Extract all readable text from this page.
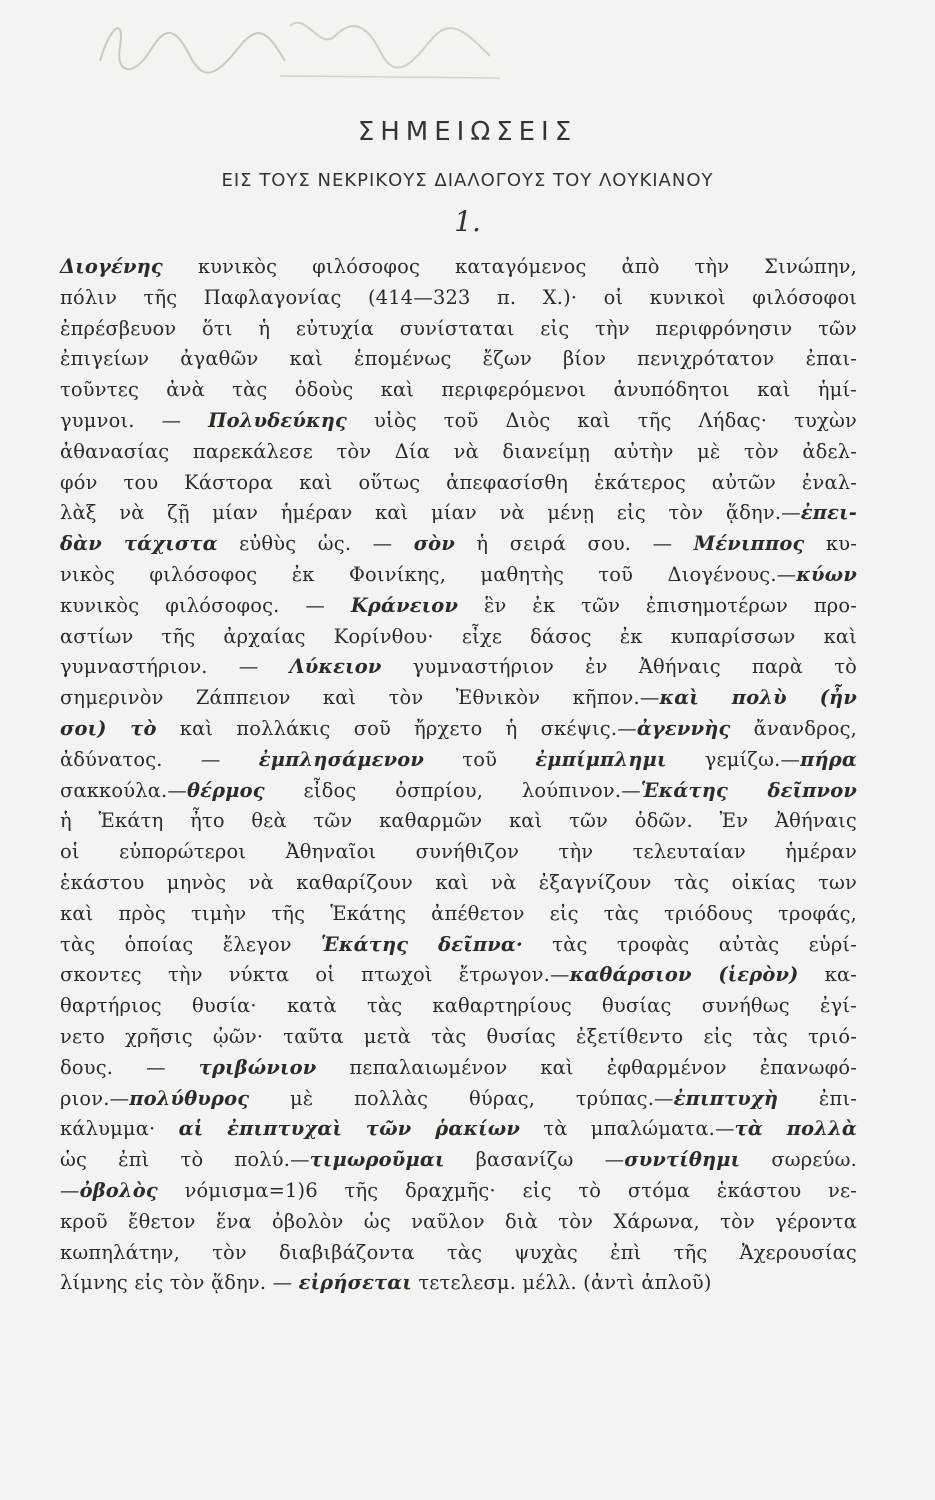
ΣΗΜΕΙΩΣΕΙΣ
ΕΙΣ ΤΟΥΣ ΝΕΚΡΙΚΟΥΣ ΔΙΑΛΟΓΟΥΣ ΤΟΥ ΛΟΥΚΙΑΝΟΥ
1.
Διογένης κυνικὸς φιλόσοφος καταγόμενος ἀπὸ τὴν Σινώπην,
πόλιν τῆς Παφλαγονίας (414—323 π. Χ.)· οἱ κυνικοὶ φιλόσοφοι
ἐπρέσβευον ὅτι ἡ εὐτυχία συνίσταται εἰς τὴν περιφρόνησιν τῶν
ἐπιγείων ἀγαθῶν καὶ ἑπομένως ἔζων βίον πενιχρότατον ἐπαι-
τοῦντες ἀνὰ τὰς ὁδοὺς καὶ περιφερόμενοι ἀνυπόδητοι καὶ ἡμί-
γυμνοι. — Πολυδεύκης υἱὸς τοῦ Διὸς καὶ τῆς Λήδας· τυχὼν
ἀθανασίας παρεκάλεσε τὸν Δία νὰ διανείμῃ αὐτὴν μὲ τὸν ἀδελ-
φόν του Κάστορα καὶ οὕτως ἀπεφασίσθη ἑκάτερος αὐτῶν ἐναλ-
λὰξ νὰ ζῇ μίαν ἡμέραν καὶ μίαν νὰ μένῃ εἰς τὸν ᾅδην.—ἐπει-
δὰν τάχιστα εὐθὺς ὡς. — σὸν ἡ σειρά σου. — Μένιππος κυ-
νικὸς φιλόσοφος ἐκ Φοινίκης, μαθητὴς τοῦ Διογένους.—κύων
κυνικὸς φιλόσοφος. — Κράνειον ἓν ἐκ τῶν ἐπισημοτέρων προ-
αστίων τῆς ἀρχαίας Κορίνθου· εἶχε δάσος ἐκ κυπαρίσσων καὶ
γυμναστήριον. — Λύκειον γυμναστήριον ἐν Ἀθήναις παρὰ τὸ
σημερινὸν Ζάππειον καὶ τὸν Ἐθνικὸν κῆπον.—καὶ πολὺ (ἦν
σοι) τὸ καὶ πολλάκις σοῦ ἤρχετο ἡ σκέψις.—ἀγεννὴς ἄνανδρος,
ἀδύνατος. — ἐμπλησάμενον τοῦ ἐμπίμπλημι γεμίζω.—πήρα
σακκούλα.—θέρμος εἶδος ὀσπρίου, λούπινον.—Ἑκάτης δεῖπνον
ἡ Ἑκάτη ἦτο θεὰ τῶν καθαρμῶν καὶ τῶν ὁδῶν. Ἐν Ἀθήναις
οἱ εὐπορώτεροι Ἀθηναῖοι συνήθιζον τὴν τελευταίαν ἡμέραν
ἑκάστου μηνὸς νὰ καθαρίζουν καὶ νὰ ἐξαγνίζουν τὰς οἰκίας των
καὶ πρὸς τιμὴν τῆς Ἑκάτης ἀπέθετον εἰς τὰς τριόδους τροφάς,
τὰς ὁποίας ἔλεγον Ἑκάτης δεῖπνα· τὰς τροφὰς αὐτὰς εὑρί-
σκοντες τὴν νύκτα οἱ πτωχοὶ ἔτρωγον.—καθάρσιον (ἱερὸν) κα-
θαρτήριος θυσία· κατὰ τὰς καθαρτηρίους θυσίας συνήθως ἐγί-
νετο χρῆσις ᾠῶν· ταῦτα μετὰ τὰς θυσίας ἐξετίθεντο εἰς τὰς τριό-
δους. — τριβώνιον πεπαλαιωμένον καὶ ἐφθαρμένον ἐπανωφό-
ριον.—πολύθυρος μὲ πολλὰς θύρας, τρύπας.—ἐπιπτυχὴ ἐπι-
κάλυμμα· αἱ ἐπιπτυχαὶ τῶν ῥακίων τὰ μπαλώματα.—τὰ πολλὰ
ὡς ἐπὶ τὸ πολύ.—τιμωροῦμαι βασανίζω —συντίθημι σωρεύω.
—ὀβολὸς νόμισμα=1)6 τῆς δραχμῆς· εἰς τὸ στόμα ἑκάστου νε-
κροῦ ἔθετον ἕνα ὀβολὸν ὡς ναῦλον διὰ τὸν Χάρωνα, τὸν γέροντα
κωπηλάτην, τὸν διαβιβάζοντα τὰς ψυχὰς ἐπὶ τῆς Ἀχερουσίας
λίμνης εἰς τὸν ᾅδην. — εἰρήσεται τετελεσμ. μέλλ. (ἀντὶ ἁπλοῦ)
